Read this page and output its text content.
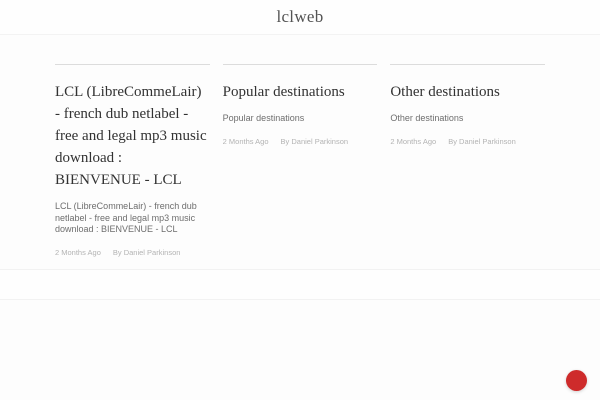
lclweb
LCL (LibreCommeLair) - french dub netlabel - free and legal mp3 music download : BIENVENUE - LCL

LCL (LibreCommeLair) - french dub netlabel - free and legal mp3 music download : BIENVENUE - LCL

2 Months Ago By Daniel Parkinson
Popular destinations

Popular destinations

2 Months Ago By Daniel Parkinson
Other destinations

Other destinations

2 Months Ago By Daniel Parkinson
